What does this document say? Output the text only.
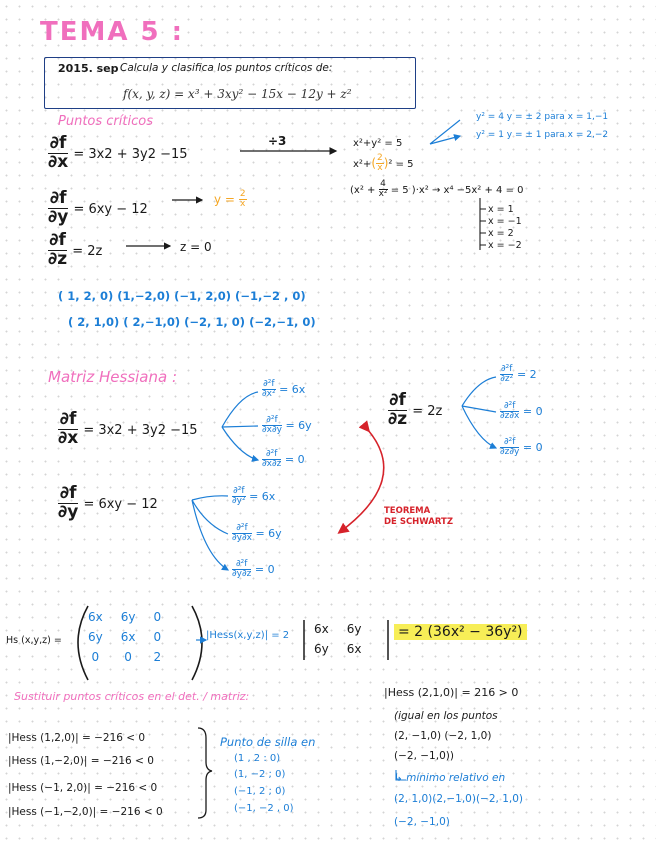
TEMA 5 :
2015. sep Calcula y clasifica los puntos críticos de:
f(x, y, z) = x³ + 3xy² − 15x − 12y + z²
Puntos críticos
$\frac{\partial f}{\partial x} = 3x2 + 3y2 -15$
÷3
$\frac{\partial f}{\partial y} = 6xy - 12$
$y = \frac{2}{x}$
$\frac{\partial f}{\partial z} = 2z$	z = 0
x²+y² = 5
$x^2+( \frac{2}{x} )^2 = 5$
($x^2 + \frac{4}{\text{x²}} = 5$ )·x² → x⁴ −5x² + 4 = 0
y² = 4 y = ± 2 para x = 1,−1
y² = 1 y = ± 1 para x = 2,−2
x = 1
x = −1
x = 2
x = −2
( 1, 2, 0) (1,−2,0) (−1, 2,0) (−1,−2 , 0)
( 2, 1,0) ( 2,−1,0) (−2, 1, 0) (−2,−1, 0)
Matriz Hessiana :
$\frac{\partial f}{\partial x} = 3x2 + 3y2 -15$
$\frac{\text{∂²f}}{\text{∂x²}} = 6x$
$\frac{\text{∂²f}}{\partial x\partial y} = 6y$
$\frac{\text{∂²f}}{\partial x\partial z} = 0$
$\frac{\partial f}{\partial z} = 2z$
$\frac{\text{∂²f}}{\text{∂z²}} = 2$
$\frac{\text{∂²f}}{\partial z\partial x} = 0$
$\frac{\text{∂²f}}{\partial z\partial y} = 0$
$\frac{\partial f}{\partial y} = 6xy - 12$	$\frac{\text{∂²f}}{\text{∂y²}} = 6x$
$\frac{\text{∂²f}}{\partial y\partial x} = 6y$
$\frac{\text{∂²f}}{\partial y\partial z} = 0$
TEOREMA
DE SCHWARTZ
Hs (x,y,z) =
6x	6y	0
6y	6x	0
0	0	2
|Hess(x,y,z)| = 2 6x	6y
6y	6x
= 2 (36x² − 36y²)
Sustituir puntos críticos en el det. / matriz:
|Hess (1,2,0)| = −216 < 0
|Hess (1,−2,0)| = −216 < 0
|Hess (−1, 2,0)| = −216 < 0
|Hess (−1,−2,0)| = −216 < 0
Punto de silla en
(1 , 2 : 0)
(1, −2 ; 0)
(−1, 2 ; 0)
(−1, −2 , 0)
|Hess (2,1,0)| = 216 > 0
(igual en los puntos
(2, −1,0) (−2, 1,0)
(−2, −1,0))
↳ mínimo relativo en
(2, 1,0)(2,−1,0)(−2, 1,0)
(−2, −1,0)
